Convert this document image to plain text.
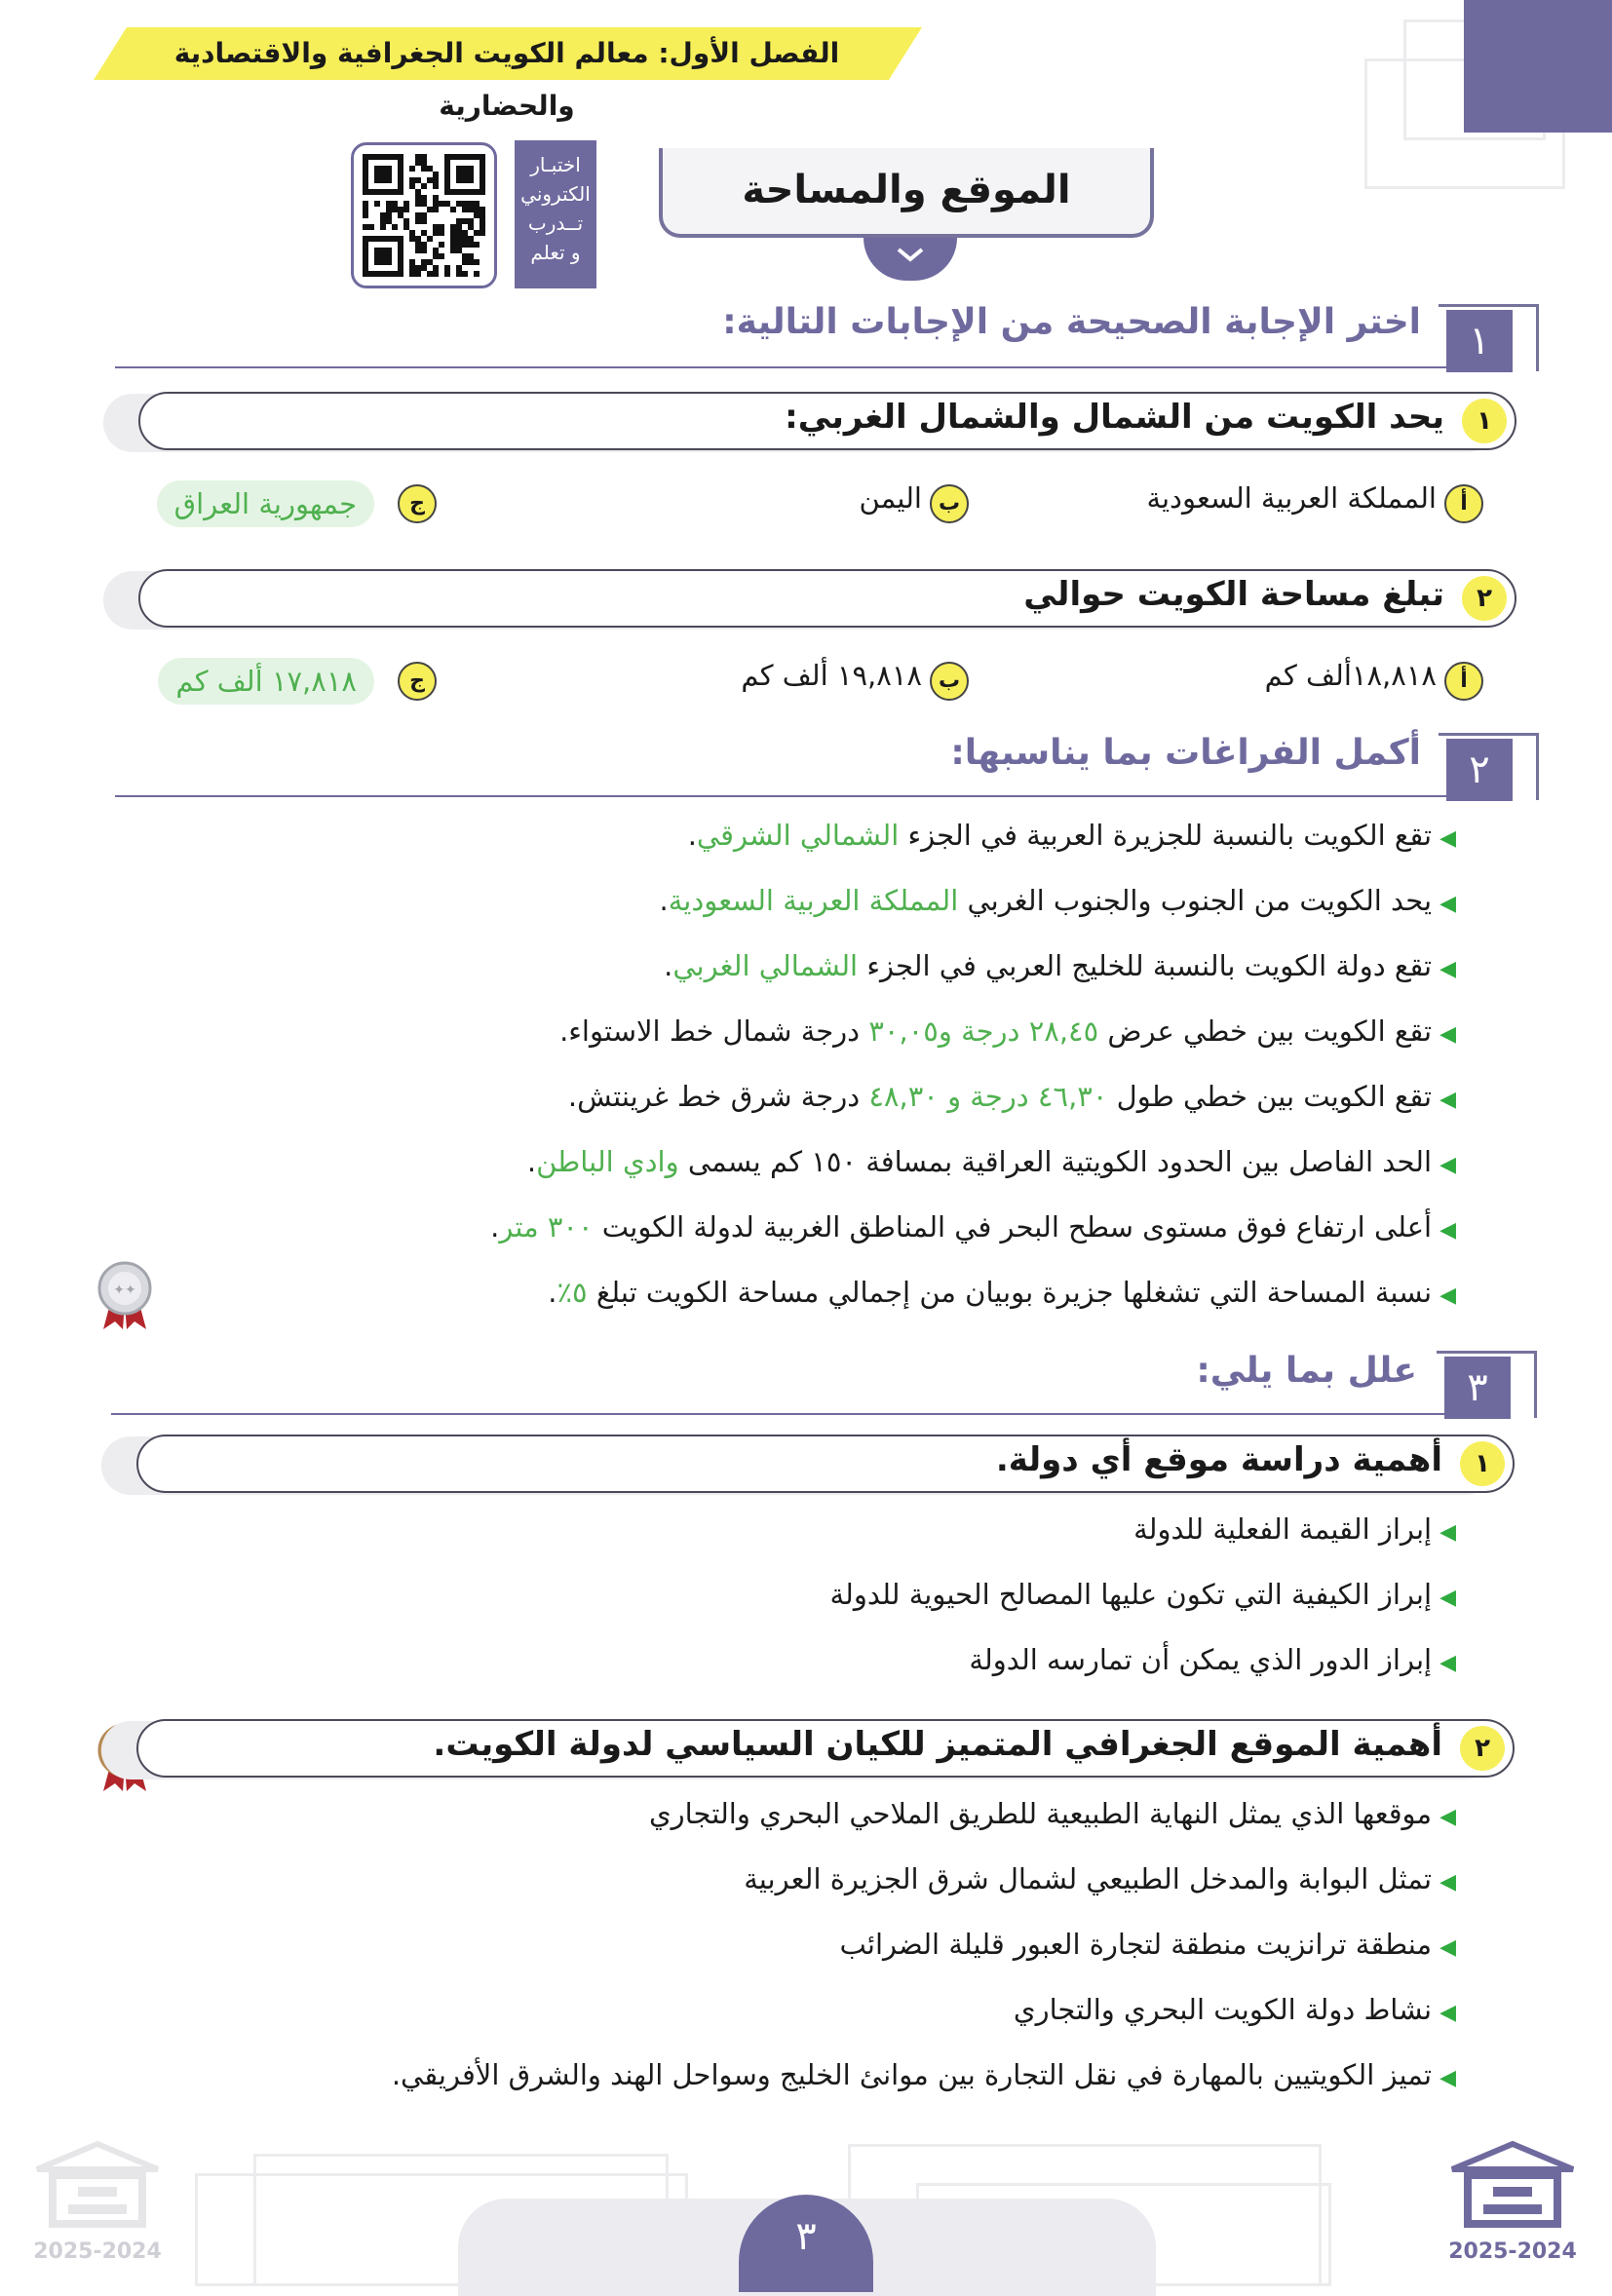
الفصل الأول: معالم الكويت الجغرافية والاقتصادية والحضارية
الموقع والمساحة
اختبـار
الكتروني
تــدرب
و تعلم
١
اختر الإجابة الصحيحة من الإجابات التالية:
١
يحد الكويت من الشمال والشمال الغربي:
أ
المملكة العربية السعودية
ب
اليمن
ج
جمهورية العراق
٢
تبلغ مساحة الكويت حوالي
أ
١٨,٨١٨ألف كم
ب
١٩,٨١٨ ألف كم
ج
١٧,٨١٨ ألف كم
٢
أكمل الفراغات بما يناسبها:
◀تقع الكويت بالنسبة للجزيرة العربية في الجزء الشمالي الشرقي.
◀يحد الكويت من الجنوب والجنوب الغربي المملكة العربية السعودية.
◀تقع دولة الكويت بالنسبة للخليج العربي في الجزء الشمالي الغربي.
◀تقع الكويت بين خطي عرض ٢٨,٤٥ درجة و٣٠,٠٥ درجة شمال خط الاستواء.
◀تقع الكويت بين خطي طول ٤٦,٣٠ درجة و ٤٨,٣٠ درجة شرق خط غرينتش.
◀الحد الفاصل بين الحدود الكويتية العراقية بمسافة ١٥٠ كم يسمى وادي الباطن.
◀أعلى ارتفاع فوق مستوى سطح البحر في المناطق الغربية لدولة الكويت ٣٠٠ متر.
◀نسبة المساحة التي تشغلها جزيرة بوبيان من إجمالي مساحة الكويت تبلغ ٥٪.
✦✦
٣
علل بما يلي:
١
أهمية دراسة موقع أي دولة.
◀إبراز القيمة الفعلية للدولة
◀إبراز الكيفية التي تكون عليها المصالح الحيوية للدولة
◀إبراز الدور الذي يمكن أن تمارسه الدولة
٢
أهمية الموقع الجغرافي المتميز للكيان السياسي لدولة الكويت.
◀موقعها الذي يمثل النهاية الطبيعية للطريق الملاحي البحري والتجاري
◀تمثل البوابة والمدخل الطبيعي لشمال شرق الجزيرة العربية
◀منطقة ترانزيت منطقة لتجارة العبور قليلة الضرائب
◀نشاط دولة الكويت البحري والتجاري
◀تميز الكويتيين بالمهارة في نقل التجارة بين موانئ الخليج وسواحل الهند والشرق الأفريقي.
٣	2025-2024
2025-2024
